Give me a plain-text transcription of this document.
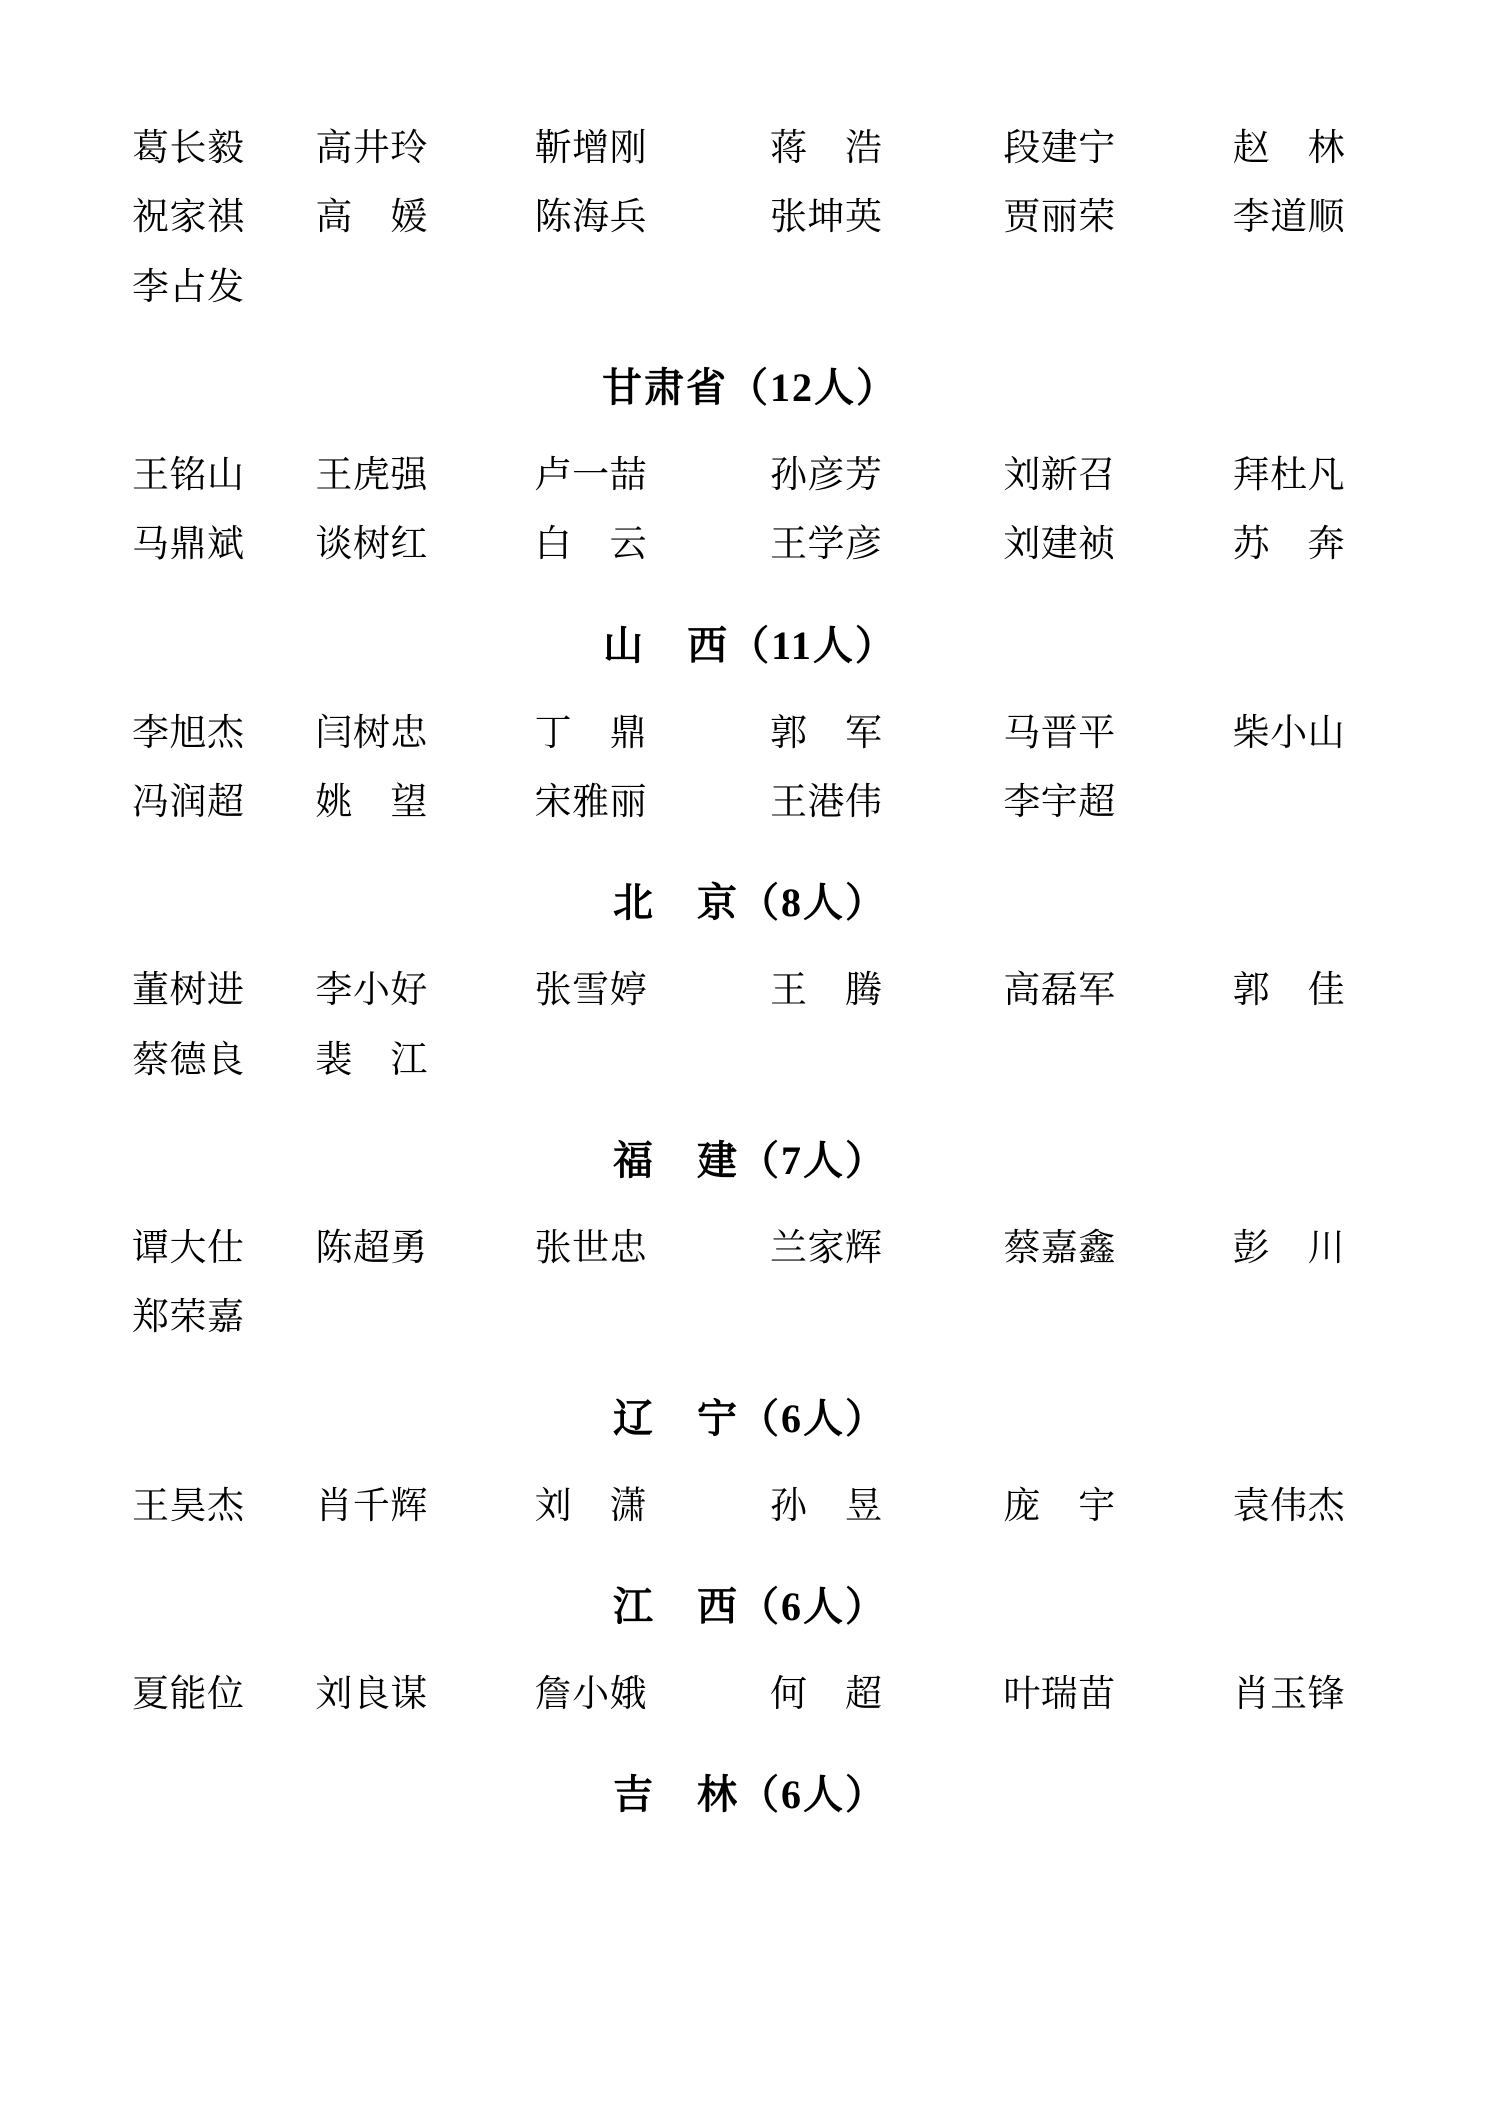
葛长毅	高井玲	靳增刚	蒋　浩	段建宁	赵　林
祝家祺	高　媛	陈海兵	张坤英	贾丽荣	李道顺
李占发
甘肃省（12人）
王铭山	王虎强	卢一喆	孙彦芳	刘新召	拜杜凡
马鼎斌	谈树红	白　云	王学彦	刘建祯	苏　奔
山　西（11人）
李旭杰	闫树忠	丁　鼎	郭　军	马晋平	柴小山
冯润超	姚　望	宋雅丽	王港伟	李宇超
北　京（8人）
董树进	李小好	张雪婷	王　腾	高磊军	郭　佳
蔡德良	裴　江
福　建（7人）
谭大仕	陈超勇	张世忠	兰家辉	蔡嘉鑫	彭　川
郑荣嘉
辽　宁（6人）
王昊杰	肖千辉	刘　潇	孙　昱	庞　宇	袁伟杰
江　西（6人）
夏能位	刘良谋	詹小娥	何　超	叶瑞苗	肖玉锋
吉　林（6人）
